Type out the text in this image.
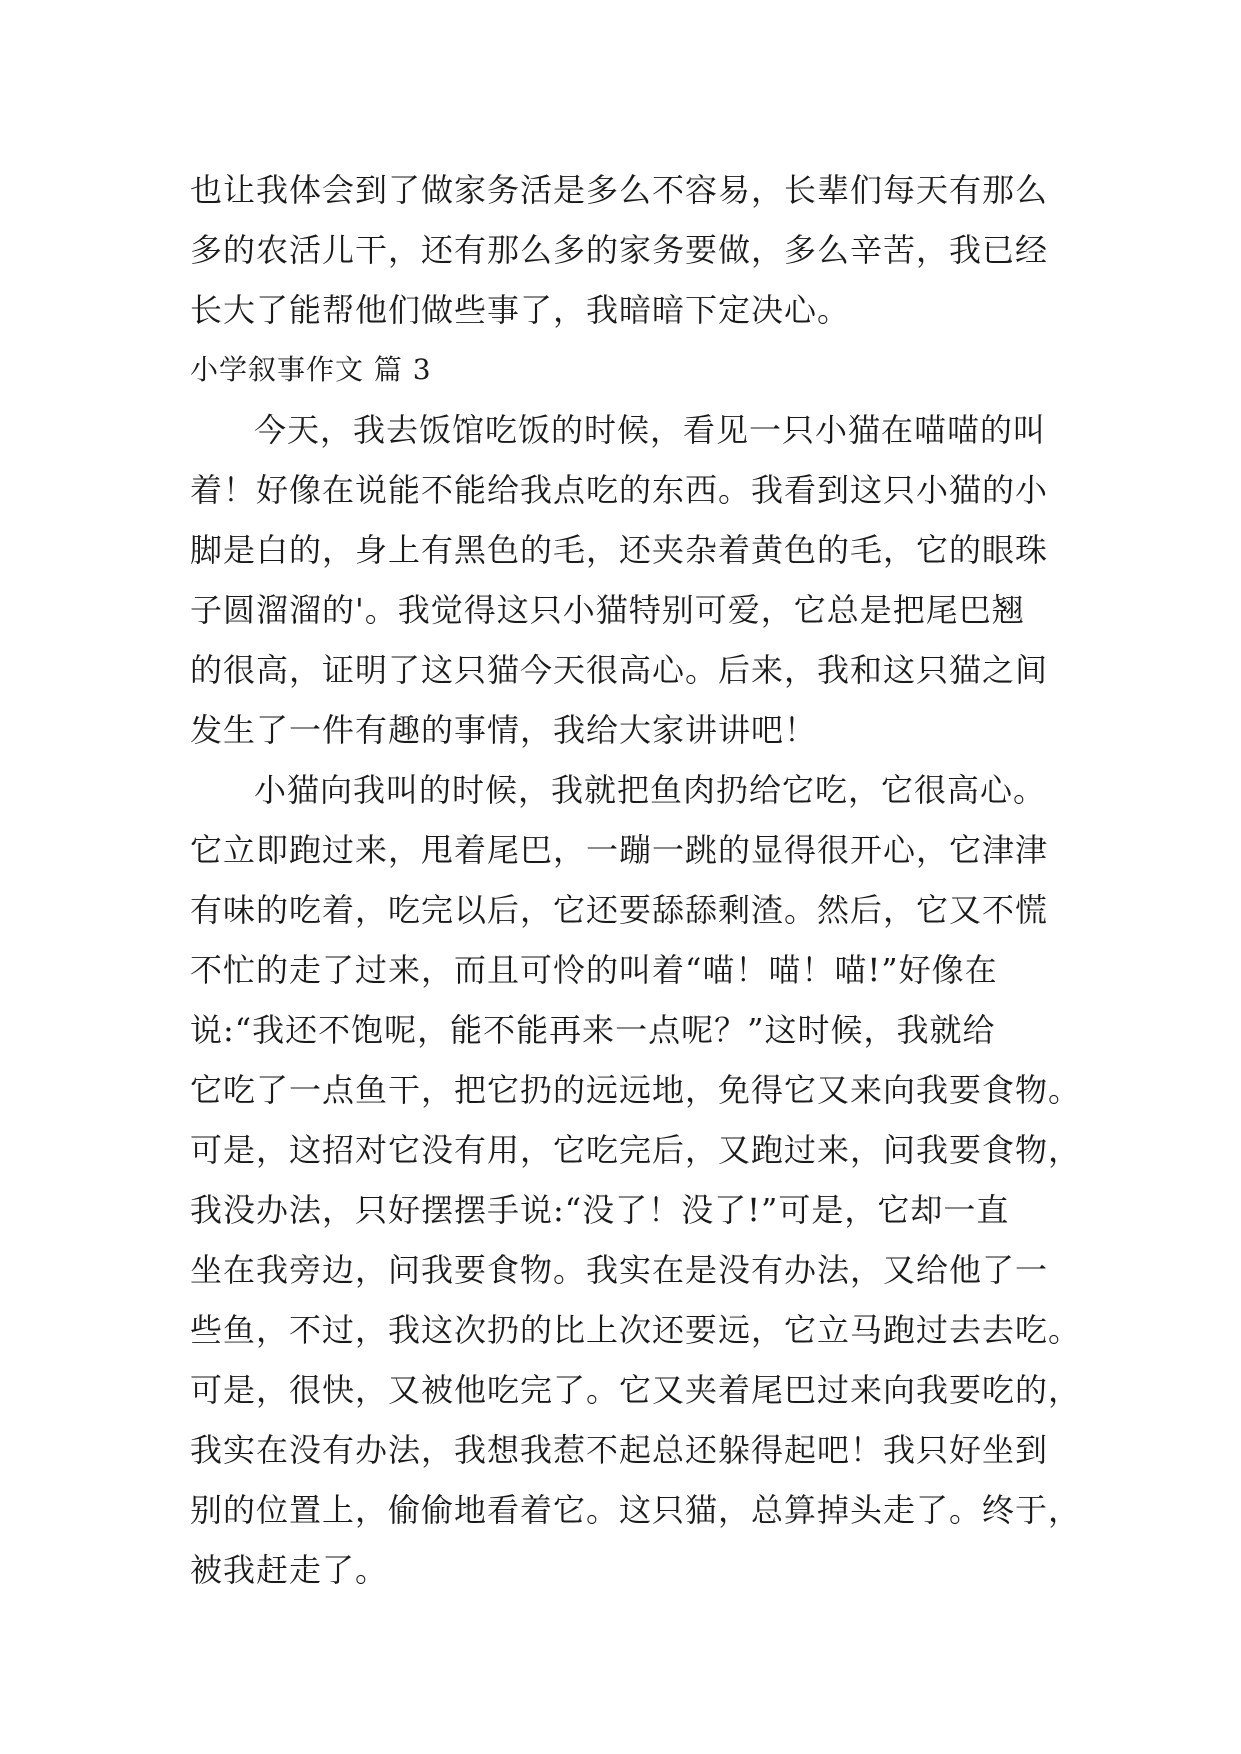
也让我体会到了做家务活是多么不容易，长辈们每天有那么
多的农活儿干，还有那么多的家务要做，多么辛苦，我已经
长大了能帮他们做些事了，我暗暗下定决心。
小学叙事作文 篇 3
今天，我去饭馆吃饭的时候，看见一只小猫在喵喵的叫
着！好像在说能不能给我点吃的东西。我看到这只小猫的小
脚是白的，身上有黑色的毛，还夹杂着黄色的毛，它的眼珠
子圆溜溜的'。我觉得这只小猫特别可爱，它总是把尾巴翘
的很高，证明了这只猫今天很高心。后来，我和这只猫之间
发生了一件有趣的事情，我给大家讲讲吧！
小猫向我叫的时候，我就把鱼肉扔给它吃，它很高心。
它立即跑过来，甩着尾巴，一蹦一跳的显得很开心，它津津
有味的吃着，吃完以后，它还要舔舔剩渣。然后，它又不慌
不忙的走了过来，而且可怜的叫着“喵！喵！喵!”好像在
说:“我还不饱呢，能不能再来一点呢？”这时候，我就给
它吃了一点鱼干，把它扔的远远地，免得它又来向我要食物。
可是，这招对它没有用，它吃完后，又跑过来，问我要食物，
我没办法，只好摆摆手说:“没了！没了!”可是，它却一直
坐在我旁边，问我要食物。我实在是没有办法，又给他了一
些鱼，不过，我这次扔的比上次还要远，它立马跑过去去吃。
可是，很快，又被他吃完了。它又夹着尾巴过来向我要吃的，
我实在没有办法，我想我惹不起总还躲得起吧！我只好坐到
别的位置上，偷偷地看着它。这只猫，总算掉头走了。终于，
被我赶走了。
